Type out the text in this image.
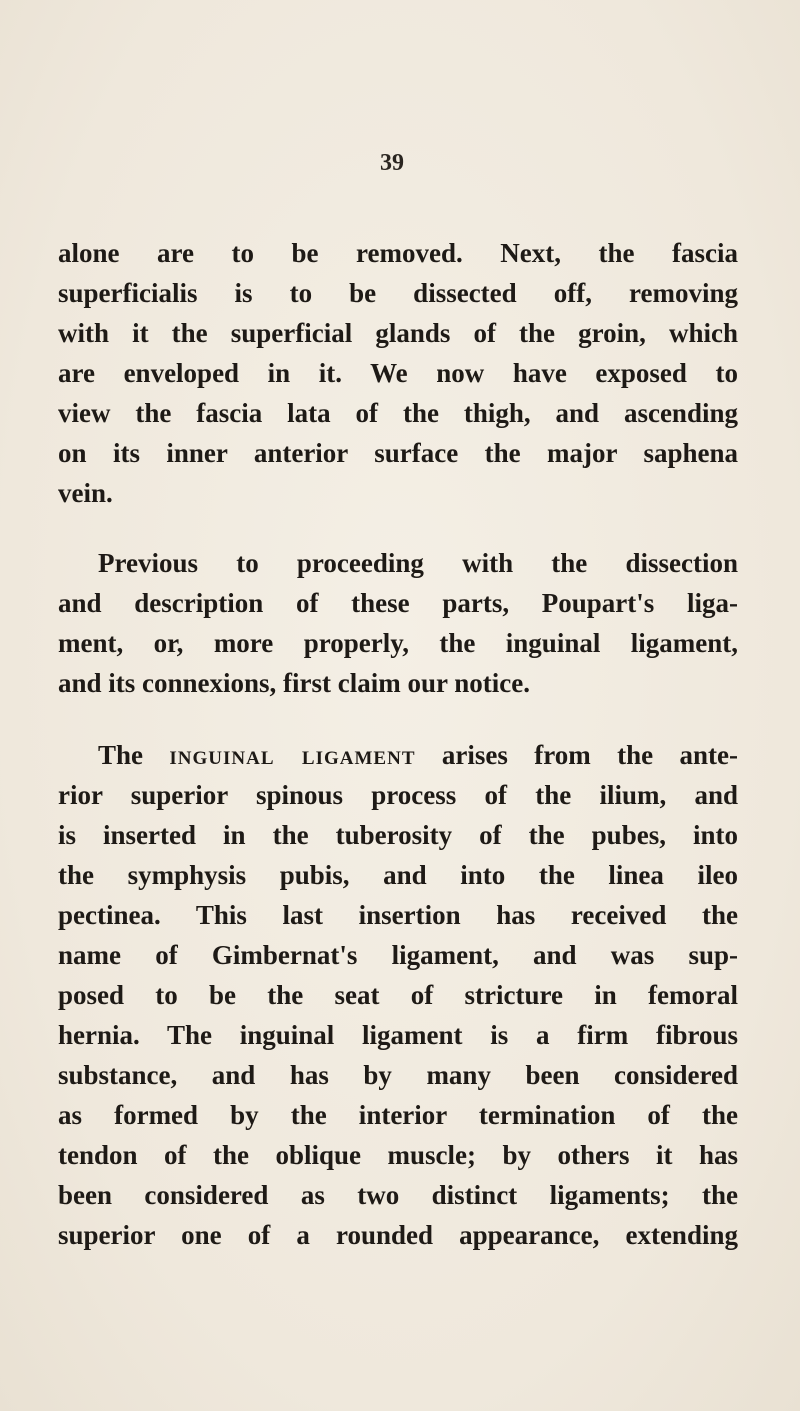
39
alone are to be removed. Next, the fascia
superficialis is to be dissected off, removing
with it the superficial glands of the groin, which
are enveloped in it. We now have exposed to
view the fascia lata of the thigh, and ascending
on its inner anterior surface the major saphena
vein.
Previous to proceeding with the dissection
and description of these parts, Poupart's liga-
ment, or, more properly, the inguinal ligament,
and its connexions, first claim our notice.
The inguinal ligament arises from the ante-
rior superior spinous process of the ilium, and
is inserted in the tuberosity of the pubes, into
the symphysis pubis, and into the linea ileo
pectinea. This last insertion has received the
name of Gimbernat's ligament, and was sup-
posed to be the seat of stricture in femoral
hernia. The inguinal ligament is a firm fibrous
substance, and has by many been considered
as formed by the interior termination of the
tendon of the oblique muscle; by others it has
been considered as two distinct ligaments; the
superior one of a rounded appearance, extending
